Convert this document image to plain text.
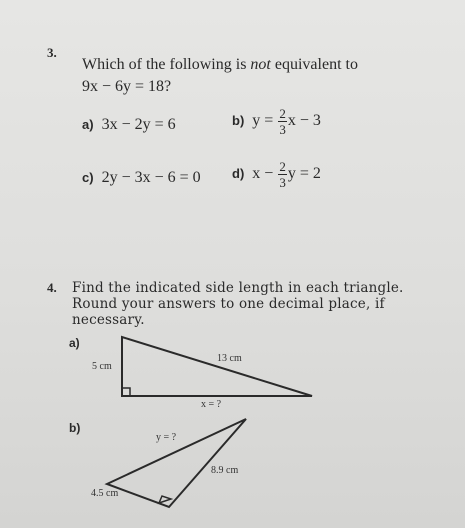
3.
Which of the following is not equivalent to
9x − 6y = 18?
a) 3x − 2y = 6	b) $y = \frac{2}{3}$ x − 3
c) 2y − 3x − 6 = 0 d) $x - \frac{2}{3}$ y = 2
4. Find the indicated side length in each triangle.
Round your answers to one decimal place, if
necessary.
a)
b)
5 cm
13 cm
x = ?
y = ?
8.9 cm
4.5 cm
